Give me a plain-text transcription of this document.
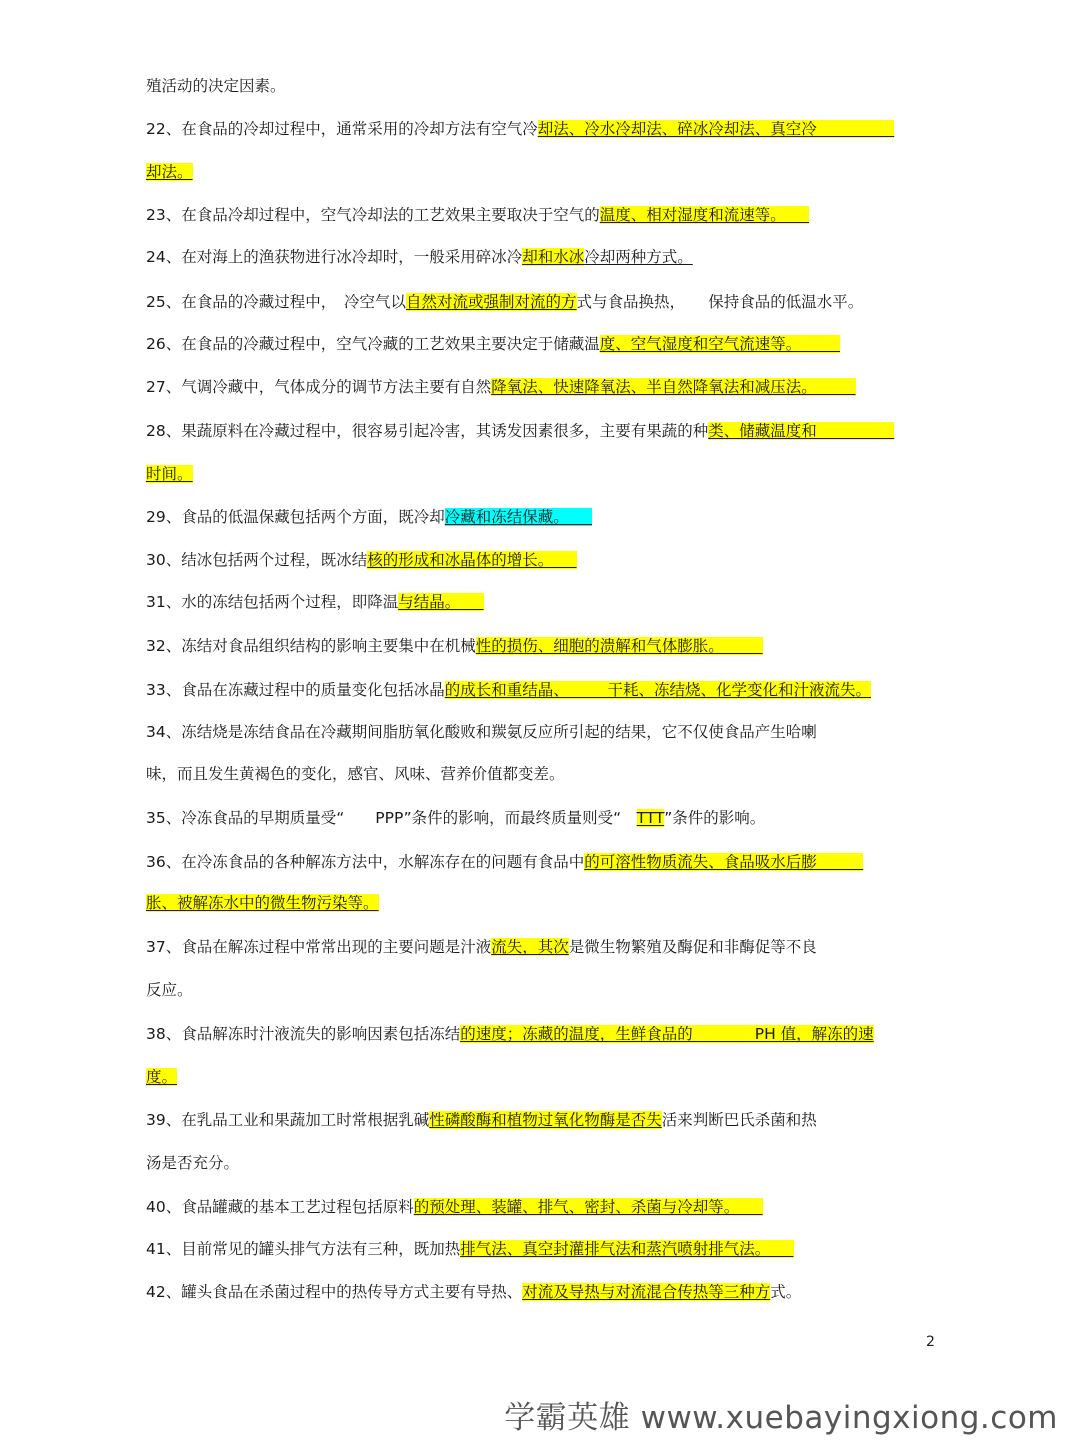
殖活动的决定因素。
22、在食品的冷却过程中，通常采用的冷却方法有空气冷却法、冷水冷却法、碎冰冷却法、真空冷　　　　　
却法。
23、在食品冷却过程中，空气冷却法的工艺效果主要取决于空气的温度、相对湿度和流速等。　　
24、在对海上的渔获物进行冰冷却时，一般采用碎冰冷却和水冰冷却两种方式。
25、在食品的冷藏过程中，　冷空气以自然对流或强制对流的方式与食品换热，　　保持食品的低温水平。
26、在食品的冷藏过程中，空气冷藏的工艺效果主要决定于储藏温度、空气湿度和空气流速等。　　　
27、气调冷藏中，气体成分的调节方法主要有自然降氧法、快速降氧法、半自然降氧法和减压法。　　　
28、果蔬原料在冷藏过程中，很容易引起冷害，其诱发因素很多，主要有果蔬的种类、储藏温度和　　　　　
时间。
29、食品的低温保藏包括两个方面，既冷却冷藏和冻结保藏。　　
30、结冰包括两个过程，既冰结核的形成和冰晶体的增长。　　
31、水的冻结包括两个过程，即降温与结晶。　　
32、冻结对食品组织结构的影响主要集中在机械性的损伤、细胞的溃解和气体膨胀。　　　
33、食品在冻藏过程中的质量变化包括冰晶的成长和重结晶、　　　干耗、冻结烧、化学变化和汁液流失。
34、冻结烧是冻结食品在冷藏期间脂肪氧化酸败和羰氨反应所引起的结果，它不仅使食品产生哈喇
味，而且发生黄褐色的变化，感官、风味、营养价值都变差。
35、冷冻食品的早期质量受“　　PPP”条件的影响，而最终质量则受“　TTT”条件的影响。
36、在冷冻食品的各种解冻方法中，水解冻存在的问题有食品中的可溶性物质流失、食品吸水后膨　　　
胀、被解冻水中的微生物污染等。
37、食品在解冻过程中常常出现的主要问题是汁液流失，其次是微生物繁殖及酶促和非酶促等不良
反应。
38、食品解冻时汁液流失的影响因素包括冻结的速度；冻藏的温度，生鲜食品的　　　　PH 值，解冻的速
度。
39、在乳品工业和果蔬加工时常根据乳碱性磷酸酶和植物过氧化物酶是否失活来判断巴氏杀菌和热
汤是否充分。
40、食品罐藏的基本工艺过程包括原料的预处理、装罐、排气、密封、杀菌与冷却等。　　
41、目前常见的罐头排气方法有三种，既加热排气法、真空封灌排气法和蒸汽喷射排气法。　　
42、罐头食品在杀菌过程中的热传导方式主要有导热、对流及导热与对流混合传热等三种方式。
2
学霸英雄 www.xuebayingxiong.com
